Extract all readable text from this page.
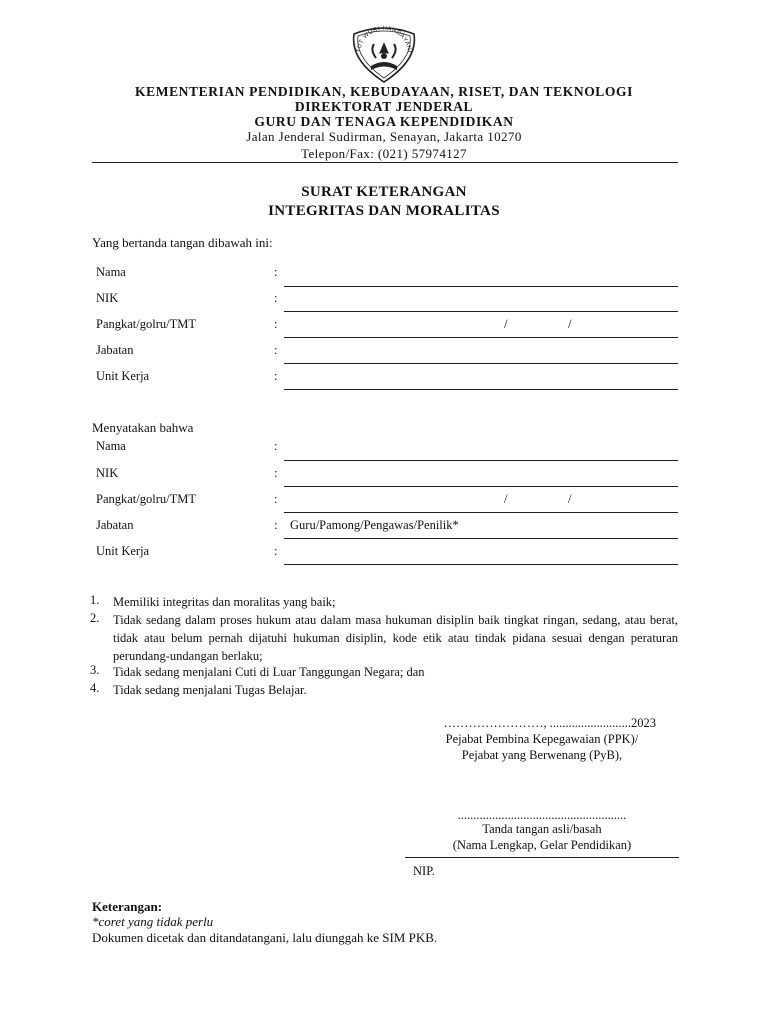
TUT WURI HANDAYANI
KEMENTERIAN PENDIDIKAN, KEBUDAYAAN, RISET, DAN TEKNOLOGI
DIREKTORAT JENDERAL
GURU DAN TENAGA KEPENDIDIKAN
Jalan Jenderal Sudirman, Senayan, Jakarta 10270
Telepon/Fax: (021) 57974127
SURAT KETERANGAN
INTEGRITAS DAN MORALITAS
Yang bertanda tangan dibawah ini:
Nama	:
NIK	:
Pangkat/golru/TMT	:	/	/
Jabatan	:
Unit Kerja	:
Menyatakan bahwa
Nama	:
NIK	:
Pangkat/golru/TMT	:	/	/
Jabatan	: Guru/Pamong/Pengawas/Penilik*
Unit Kerja	:
1. Memiliki integritas dan moralitas yang baik;
2. Tidak sedang dalam proses hukum atau dalam masa hukuman disiplin baik tingkat ringan, sedang, atau berat, tidak atau belum pernah dijatuhi hukuman disiplin, kode etik atau tindak pidana sesuai dengan peraturan perundang-undangan berlaku;
3. Tidak sedang menjalani Cuti di Luar Tanggungan Negara; dan
4. Tidak sedang menjalani Tugas Belajar.
……………………, ..........................2023
Pejabat Pembina Kepegawaian (PPK)/
Pejabat yang Berwenang (PyB),
......................................................
Tanda tangan asli/basah
(Nama Lengkap, Gelar Pendidikan)
NIP.
Keterangan:
*coret yang tidak perlu
Dokumen dicetak dan ditandatangani, lalu diunggah ke SIM PKB.
